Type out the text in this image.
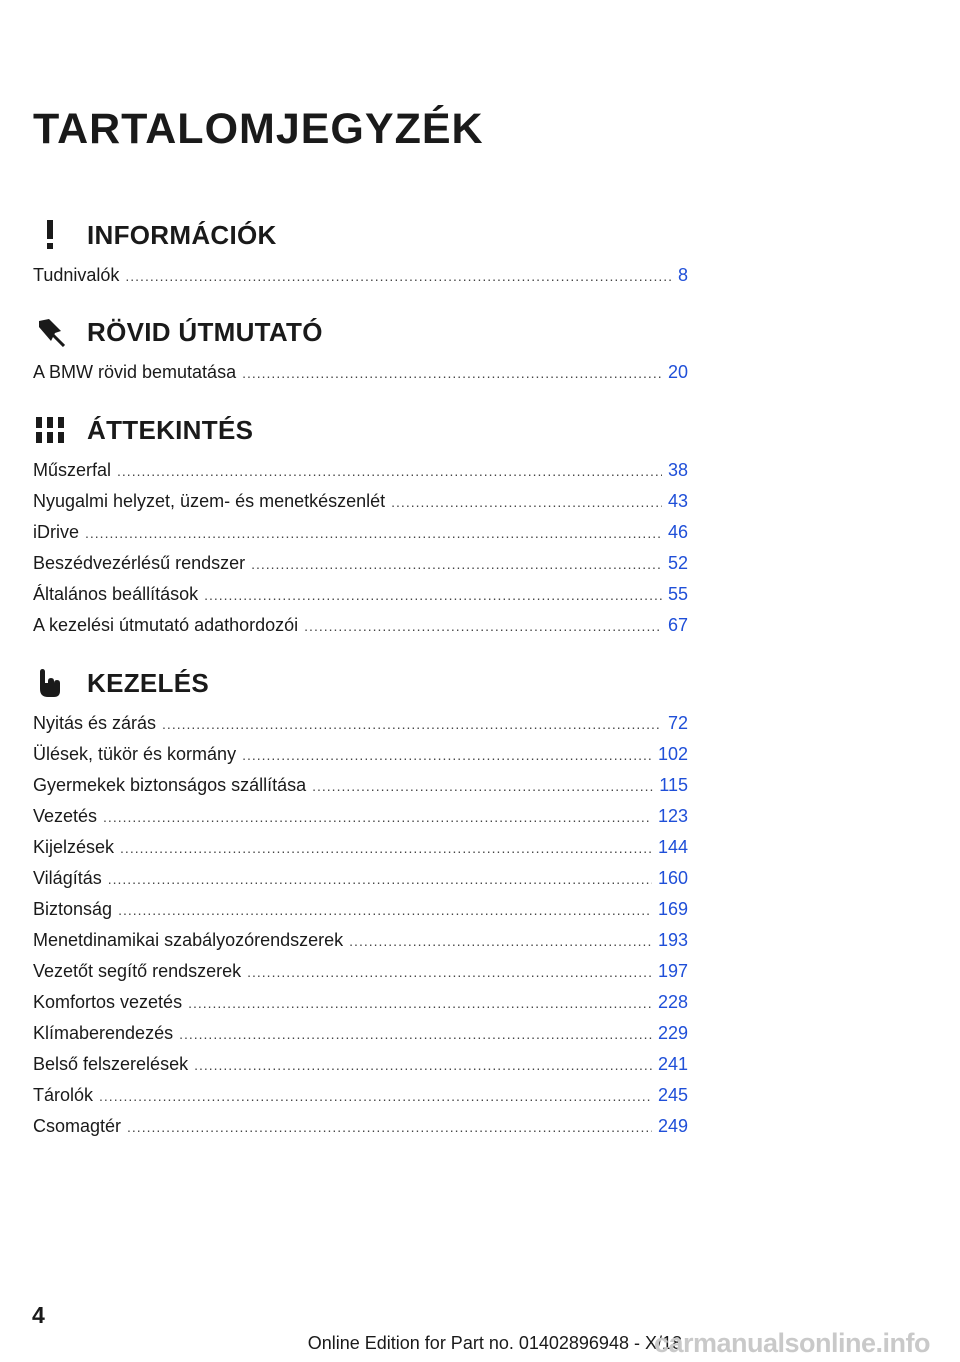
TARTALOMJEGYZÉK
INFORMÁCIÓK
Tudnivalók .....	8
RÖVID ÚTMUTATÓ
A BMW rövid bemutatása .....	20
ÁTTEKINTÉS
Műszerfal .....	38
Nyugalmi helyzet, üzem- és menetkészenlét .....	43
iDrive .....	46
Beszédvezérlésű rendszer .....	52
Általános beállítások .....	55
A kezelési útmutató adathordozói .....	67
KEZELÉS
Nyitás és zárás .....	72
Ülések, tükör és kormány .....	102
Gyermekek biztonságos szállítása .....	115
Vezetés .....	123
Kijelzések .....	144
Világítás .....	160
Biztonság .....	169
Menetdinamikai szabályozórendszerek .....	193
Vezetőt segítő rendszerek .....	197
Komfortos vezetés .....	228
Klímaberendezés .....	229
Belső felszerelések .....	241
Tárolók .....	245
Csomagtér .....	249
4
Online Edition for Part no. 01402896948 - X/18
carmanualsonline.info
